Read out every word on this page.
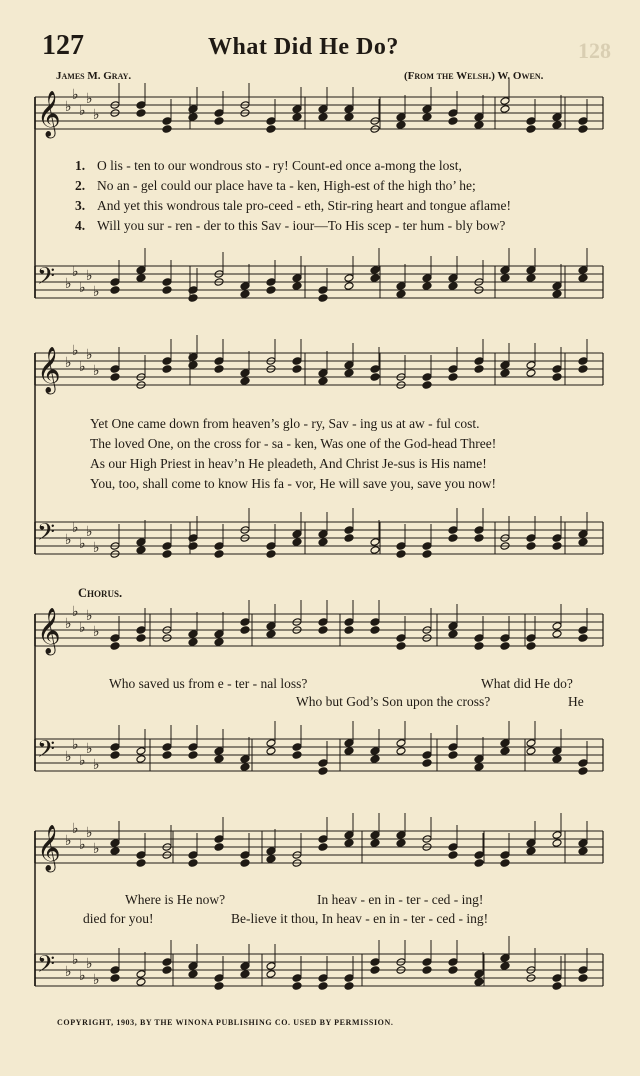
127	What Did He Do?	128
James M. Gray.	(From the Welsh.) W. Owen.
𝄞 ♭
♭
♭
♭
♭
𝄢 ♭
♭
♭
♭
♭
𝄞 ♭
♭
♭
♭
♭
𝄢 ♭
♭
♭
♭
♭
𝄞 ♭
♭
♭
♭
♭
𝄢 ♭
♭
♭
♭
♭
𝄞 ♭
♭
♭
♭
♭
𝄢 ♭
♭
♭
♭
♭
1. O lis - ten to our wondrous sto - ry! Count-ed once a-mong the lost,
2. No an - gel could our place have ta - ken, High-est of the high tho’ he;
3. And yet this wondrous tale pro-ceed - eth, Stir-ring heart and tongue aflame!
4. Will you sur - ren - der to this Sav - iour—To His scep - ter hum - bly bow?
Yet One came down from heaven’s glo - ry, Sav - ing us at aw - ful cost.
The loved One, on the cross for - sa - ken, Was one of the God-head Three!
As our High Priest in heav’n He pleadeth, And Christ Je-sus is His name!
You, too, shall come to know His fa - vor, He will save you, save you now!
Chorus.
Who saved us from e - ter - nal loss?	What did He do?
Who but God’s Son upon the cross?	He
Where is He now?	In heav - en in - ter - ced - ing!
died for you!	Be-lieve it thou, In heav - en in - ter - ced - ing!
COPYRIGHT, 1903, BY THE WINONA PUBLISHING CO. USED BY PERMISSION.
